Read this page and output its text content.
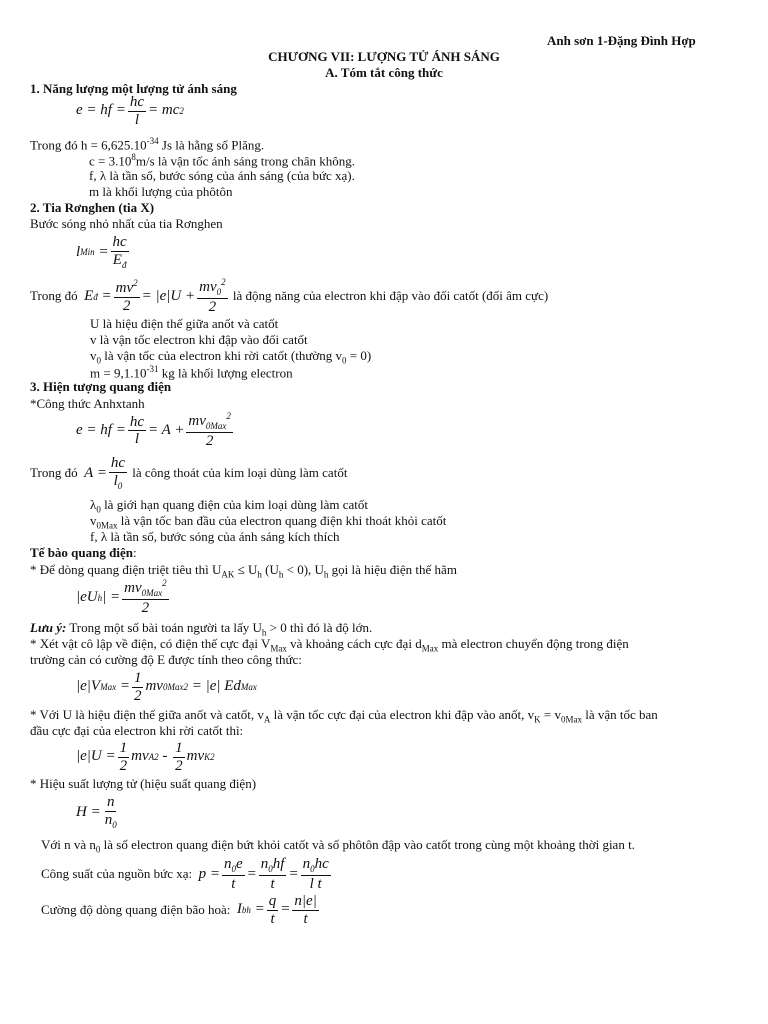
Anh sơn 1-Đặng Đình Hợp
CHƯƠNG VII: LƯỢNG TỬ ÁNH SÁNG
A. Tóm tắt công thức
1. Năng lượng một lượng tử ánh sáng
e = hf = $\frac{hc}{l}$ = mc 2
Trong đó $h = 6,625.10^{-34}$ Js là hằng số Plăng.
$c = 3.10^8m/s$ là vận tốc ánh sáng trong chân không.
f, λ là tần số, bước sóng của ánh sáng (của bức xạ).
m là khối lượng của phôtôn
2. Tia Rơnghen (tia X)
Bước sóng nhỏ nhất của tia Rơnghen
l Min
= $\frac{hc}{E_đ}$
Trong đó
E đ
= $\frac{mv^2}{2} = |e|U + \frac{mv_0^2}{2}$
là động năng của electron khi đập vào đối catốt (đối âm cực)
U là hiệu điện thế giữa anốt và catốt
v là vận tốc electron khi đập vào đối catốt
$v_0$ là vận tốc của electron khi rời catốt (thường $v_0 = 0$)
$m = 9,1.10^{-31}$ kg là khối lượng electron
3. Hiện tượng quang điện
*Công thức Anhxtanh
e = hf = $\frac{hc}{l} = A + \frac{mv_{0Max}^2}{2}$
Trong đó
$A = \frac{hc}{l_0}$
là công thoát của kim loại dùng làm catốt
$\lambda_0$ là giới hạn quang điện của kim loại dùng làm catốt
$v_{0Max}$ là vận tốc ban đầu của electron quang điện khi thoát khỏi catốt
f, λ là tần số, bước sóng của ánh sáng kích thích
Tế bào quang điện:
* Để dòng quang điện triệt tiêu thì $U_{AK} \le U_h$ $(U_h < 0)$, $U_h$ gọi là hiệu điện thế hãm
|eU h | = $\frac{mv_{0Max}^2}{2}$
Lưu ý: Trong một số bài toán người ta lấy $U_h > 0$ thì đó là độ lớn.
* Xét vật cô lập về điện, có điện thế cực đại $V_{Max}$ và khoảng cách cực đại $d_{Max}$ mà electron chuyển động trong điện
trường cản có cường độ E được tính theo công thức:
|e|V Max
= $\frac{1}{2}$ mv 0Max 2
= |e| Ed Max
* Với U là hiệu điện thế giữa anốt và catốt, $v_A$ là vận tốc cực đại của electron khi đập vào anốt, $v_K = v_{0Max}$ là vận tốc ban
đầu cực đại của electron khi rời catốt thì:
$|e|U = \frac{1}{2}$ mv A 2
-
$\frac{1}{2}$ mv K 2
* Hiệu suất lượng tử (hiệu suất quang điện)
$H = \frac{n}{n_0}$
Với n và $n_0$ là số electron quang điện bứt khỏi catốt và số phôtôn đập vào catốt trong cùng một khoảng thời gian t.
Công suất của nguồn bức xạ:
$p = \frac{n_0e}{t} = \frac{n_0hf}{t} = \frac{n_0hc}{\text{l t}}$
Cường độ dòng quang điện bão hoà:
I bh
= $\frac{q}{t} = \frac{n|e|}{t}$
